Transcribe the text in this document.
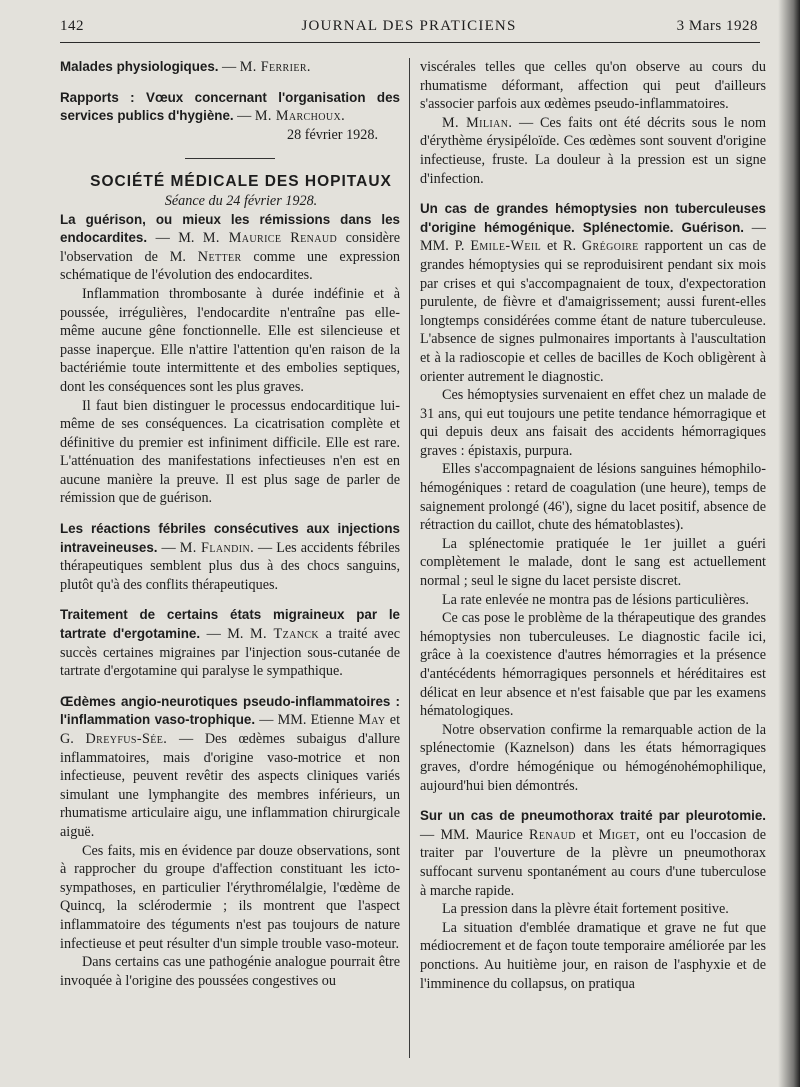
142	JOURNAL DES PRATICIENS	3 Mars 1928

Malades physiologiques. — M. Ferrier.

Rapports : Vœux concernant l'organisation des services publics d'hygiène. — M. Marchoux.

28 février 1928.

SOCIÉTÉ MÉDICALE DES HOPITAUX

Séance du 24 février 1928.

La guérison, ou mieux les rémissions dans les endocardites. — M. M. Maurice Renaud considère l'observation de M. Netter comme une expression schématique de l'évolution des endocardites.

Inflammation thrombosante à durée indéfinie et à poussée, irrégulières, l'endocardite n'entraîne pas elle-même aucune gêne fonctionnelle. Elle est silencieuse et passe inaperçue. Elle n'attire l'attention qu'en raison de la bactériémie toute intermittente et des embolies septiques, dont les conséquences sont les plus graves.

Il faut bien distinguer le processus endocarditique lui-même de ses conséquences. La cicatrisation complète et définitive du premier est infiniment difficile. Elle est rare. L'atténuation des manifestations infectieuses n'en est en aucune manière la preuve. Il est plus sage de parler de rémission que de guérison.

Les réactions fébriles consécutives aux injections intraveineuses. — M. Flandin. — Les accidents fébriles thérapeutiques semblent plus dus à des chocs sanguins, plutôt qu'à des conflits thérapeutiques.

Traitement de certains états migraineux par le tartrate d'ergotamine. — M. M. Tzanck a traité avec succès certaines migraines par l'injection sous-cutanée de tartrate d'ergotamine qui paralyse le sympathique.

Œdèmes angio-neurotiques pseudo-inflammatoires : l'inflammation vaso-trophique. — MM. Etienne May et G. Dreyfus-Sée. — Des œdèmes subaigus d'allure inflammatoires, mais d'origine vaso-motrice et non infectieuse, peuvent revêtir des aspects cliniques variés simulant une lymphangite des membres inférieurs, un rhumatisme articulaire aigu, une inflammation chirurgicale aiguë.

Ces faits, mis en évidence par douze observations, sont à rapprocher du groupe d'affection constituant les icto-sympathoses, en particulier l'érythromélalgie, l'œdème de Quincq, la sclérodermie ; ils montrent que l'aspect inflammatoire des téguments n'est pas toujours de nature infectieuse et peut résulter d'un simple trouble vaso-moteur.

Dans certains cas une pathogénie analogue pourrait être invoquée à l'origine des poussées congestives ou

viscérales telles que celles qu'on observe au cours du rhumatisme déformant, affection qui peut d'ailleurs s'associer parfois aux œdèmes pseudo-inflammatoires.

M. Milian. — Ces faits ont été décrits sous le nom d'érythème érysipéloïde. Ces œdèmes sont souvent d'origine infectieuse, fruste. La douleur à la pression est un signe d'infection.

Un cas de grandes hémoptysies non tuberculeuses d'origine hémogénique. Splénectomie. Guérison. — MM. P. Emile-Weil et R. Grégoire rapportent un cas de grandes hémoptysies qui se reproduisirent pendant six mois par crises et qui s'accompagnaient de toux, d'expectoration purulente, de fièvre et d'amaigrissement; aussi furent-elles longtemps considérées comme étant de nature tuberculeuse. L'absence de signes pulmonaires importants à l'auscultation et à la radioscopie et celles de bacilles de Koch obligèrent à orienter autrement le diagnostic.

Ces hémoptysies survenaient en effet chez un malade de 31 ans, qui eut toujours une petite tendance hémorragique et qui depuis deux ans faisait des accidents hémorragiques graves : épistaxis, purpura.

Elles s'accompagnaient de lésions sanguines hémophilo-hémogéniques : retard de coagulation (une heure), temps de saignement prolongé (46'), signe du lacet positif, absence de rétraction du caillot, chute des hématoblastes).

La splénectomie pratiquée le 1er juillet a guéri complètement le malade, dont le sang est actuellement normal ; seul le signe du lacet persiste discret.

La rate enlevée ne montra pas de lésions particulières.

Ce cas pose le problème de la thérapeutique des grandes hémoptysies non tuberculeuses. Le diagnostic facile ici, grâce à la coexistence d'autres hémorragies et la présence d'antécédents hémorragiques personnels et héréditaires est délicat en leur absence et n'est faisable que par les examens hématologiques.

Notre observation confirme la remarquable action de la splénectomie (Kaznelson) dans les états hémorragiques graves, d'ordre hémogénique ou hémogénohémophilique, aujourd'hui bien démontrés.

Sur un cas de pneumothorax traité par pleurotomie. — MM. Maurice Renaud et Miget, ont eu l'occasion de traiter par l'ouverture de la plèvre un pneumothorax suffocant survenu spontanément au cours d'une tuberculose à marche rapide.

La pression dans la plèvre était fortement positive.

La situation d'emblée dramatique et grave ne fut que médiocrement et de façon toute temporaire améliorée par les ponctions. Au huitième jour, en raison de l'asphyxie et de l'imminence du collapsus, on pratiqua
